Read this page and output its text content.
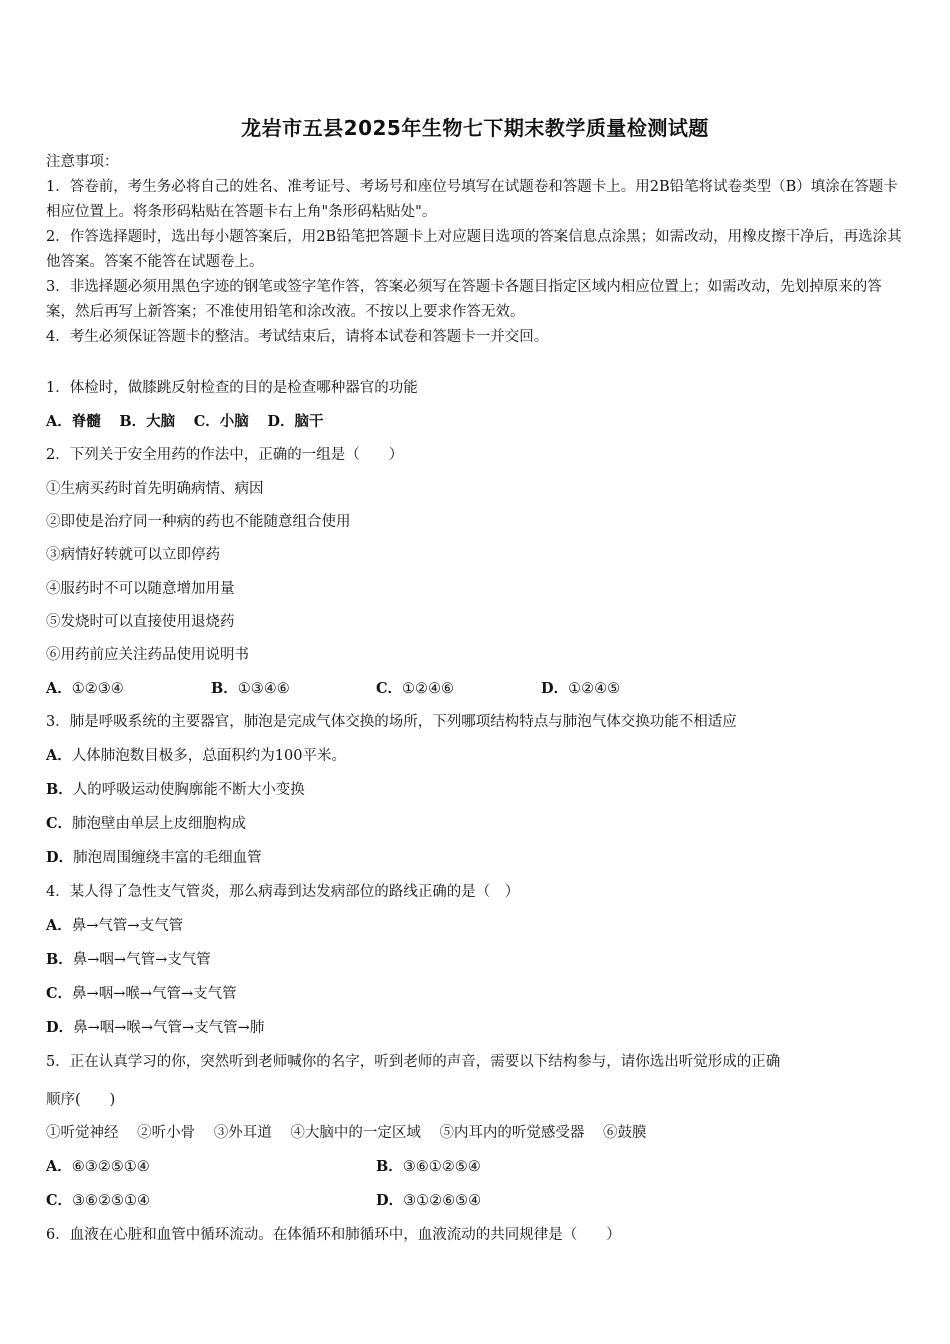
龙岩市五县2025年生物七下期末教学质量检测试题

注意事项：

1．答卷前，考生务必将自己的姓名、准考证号、考场号和座位号填写在试题卷和答题卡上。用2B铅笔将试卷类型（B）填涂在答题卡相应位置上。将条形码粘贴在答题卡右上角"条形码粘贴处"。

2．作答选择题时，选出每小题答案后，用2B铅笔把答题卡上对应题目选项的答案信息点涂黑；如需改动，用橡皮擦干净后，再选涂其他答案。答案不能答在试题卷上。

3．非选择题必须用黑色字迹的钢笔或签字笔作答，答案必须写在答题卡各题目指定区域内相应位置上；如需改动，先划掉原来的答案，然后再写上新答案；不准使用铅笔和涂改液。不按以上要求作答无效。

4．考生必须保证答题卡的整洁。考试结束后，请将本试卷和答题卡一并交回。

1．体检时，做膝跳反射检查的目的是检查哪种器官的功能
A．脊髓 B．大脑 C．小脑 D．脑干
2．下列关于安全用药的作法中，正确的一组是（　　）
①生病买药时首先明确病情、病因
②即使是治疗同一种病的药也不能随意组合使用
③病情好转就可以立即停药
④服药时不可以随意增加用量
⑤发烧时可以直接使用退烧药
⑥用药前应关注药品使用说明书
A．①②③④	B．①③④⑥	C．①②④⑥	D．①②④⑤
3．肺是呼吸系统的主要器官，肺泡是完成气体交换的场所，下列哪项结构特点与肺泡气体交换功能不相适应
A．人体肺泡数目极多，总面积约为100平米。
B．人的呼吸运动使胸廓能不断大小变换
C．肺泡壁由单层上皮细胞构成
D．肺泡周围缠绕丰富的毛细血管
4．某人得了急性支气管炎，那么病毒到达发病部位的路线正确的是（　）
A．鼻→气管→支气管
B．鼻→咽→气管→支气管
C．鼻→咽→喉→气管→支气管
D．鼻→咽→喉→气管→支气管→肺
5．正在认真学习的你，突然听到老师喊你的名字，听到老师的声音，需要以下结构参与，请你选出听觉形成的正确
顺序(　　)
①听觉神经 ②听小骨 ③外耳道 ④大脑中的一定区域 ⑤内耳内的听觉感受器 ⑥鼓膜
A．⑥③②⑤①④	B．③⑥①②⑤④
C．③⑥②⑤①④	D．③①②⑥⑤④
6．血液在心脏和血管中循环流动。在体循环和肺循环中，血液流动的共同规律是（　　）
